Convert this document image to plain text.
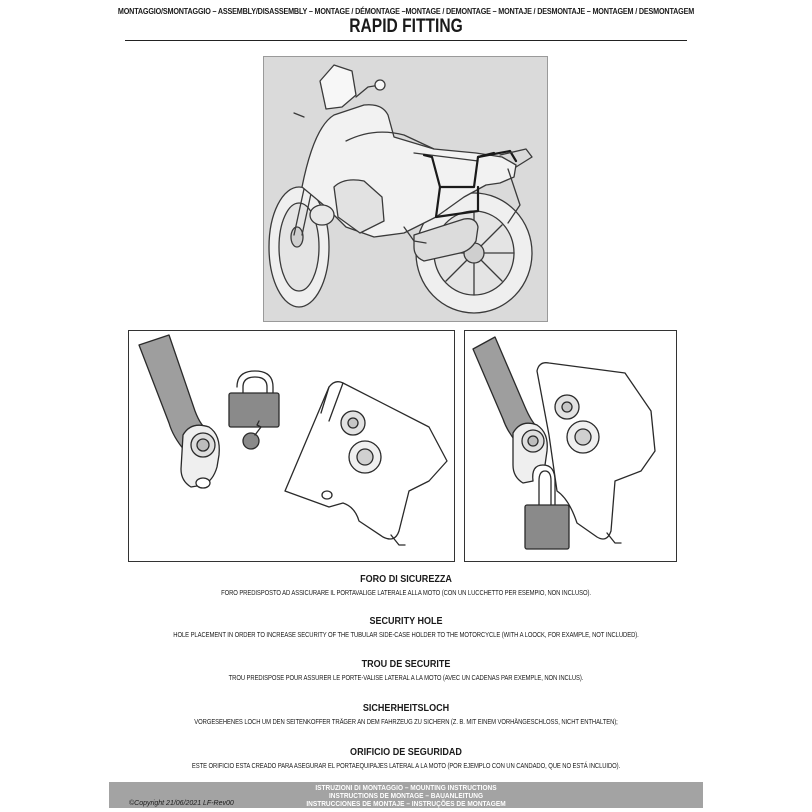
MONTAGGIO/SMONTAGGIO – ASSEMBLY/DISASSEMBLY – MONTAGE / DÉMONTAGE –MONTAGE / DEMONTAGE – MONTAJE / DESMONTAJE – MONTAGEM / DESMONTAGEM
RAPID FITTING
FORO DI SICUREZZA
FORO PREDISPOSTO AD ASSICURARE IL PORTAVALIGE LATERALE ALLA MOTO (CON UN LUCCHETTO PER ESEMPIO, NON INCLUSO).
SECURITY HOLE
HOLE PLACEMENT IN ORDER TO INCREASE SECURITY OF THE TUBULAR SIDE-CASE HOLDER TO THE MOTORCYCLE (WITH A LOOCK, FOR EXAMPLE, NOT INCLUDED).
TROU DE SECURITE
TROU PREDISPOSE POUR ASSURER LE PORTE-VALISE LATERAL A LA MOTO (AVEC UN CADENAS PAR EXEMPLE, NON INCLUS).
SICHERHEITSLOCH
VORGESEHENES LOCH UM DEN SEITENKOFFER TRÄGER AN DEM FAHRZEUG ZU SICHERN (Z. B. MIT EINEM VORHÄNGESCHLOSS, NICHT ENTHALTEN);
ORIFICIO DE SEGURIDAD
ESTE ORIFICIO ESTA CREADO PARA ASEGURAR EL PORTAEQUIPAJES LATERAL A LA MOTO (POR EJEMPLO CON UN CANDADO, QUE NO ESTÁ INCLUIDO).
ISTRUZIONI DI MONTAGGIO – MOUNTING INSTRUCTIONS
INSTRUCTIONS DE MONTAGE – BAUANLEITUNG
INSTRUCCIONES DE MONTAJE – INSTRUÇÕES DE MONTAGEM
©Copyright 21/06/2021 LF-Rev00
